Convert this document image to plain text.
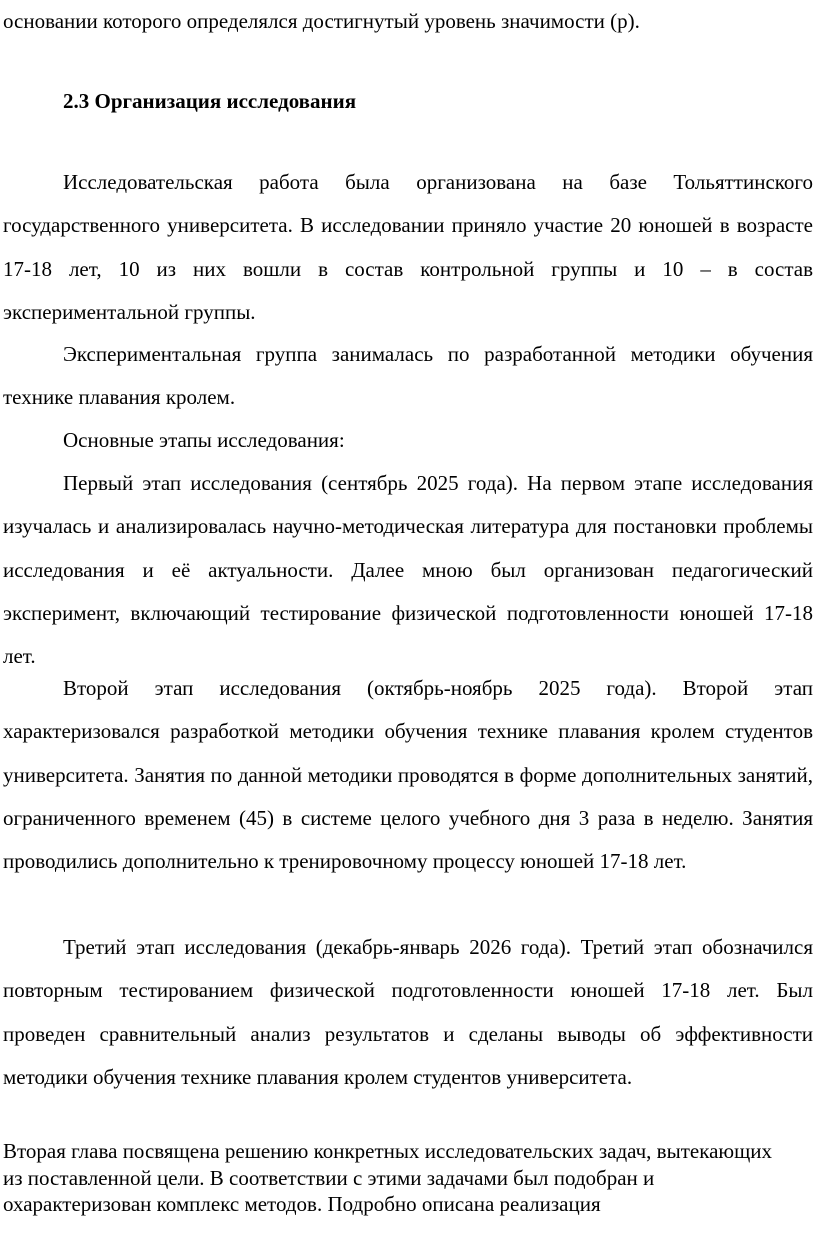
основании которого определялся достигнутый уровень значимости (р).

2.3 Организация исследования

Исследовательская работа была организована на базе Тольяттинского государственного университета. В исследовании приняло участие 20 юношей в возрасте 17-18 лет, 10 из них вошли в состав контрольной группы и 10 – в состав экспериментальной группы.

Экспериментальная группа занималась по разработанной методики обучения технике плавания кролем.

Основные этапы исследования:

Первый этап исследования (сентябрь 2025 года). На первом этапе исследования изучалась и анализировалась научно-методическая литература для постановки проблемы исследования и её актуальности. Далее мною был организован педагогический эксперимент, включающий тестирование физической подготовленности юношей 17-18 лет.

Второй этап исследования (октябрь-ноябрь 2025 года). Второй этап характеризовался разработкой методики обучения технике плавания кролем студентов университета. Занятия по данной методики проводятся в форме дополнительных занятий, ограниченного временем (45) в системе целого учебного дня 3 раза в неделю. Занятия проводились дополнительно к тренировочному процессу юношей 17-18 лет.

Третий этап исследования (декабрь-январь 2026 года). Третий этап обозначился повторным тестированием физической подготовленности юношей 17-18 лет. Был проведен сравнительный анализ результатов и сделаны выводы об эффективности методики обучения технике плавания кролем студентов университета.

Вторая глава посвящена решению конкретных исследовательских задач, вытекающих из поставленной цели. В соответствии с этими задачами был подобран и охарактеризован комплекс методов. Подробно описана реализация
